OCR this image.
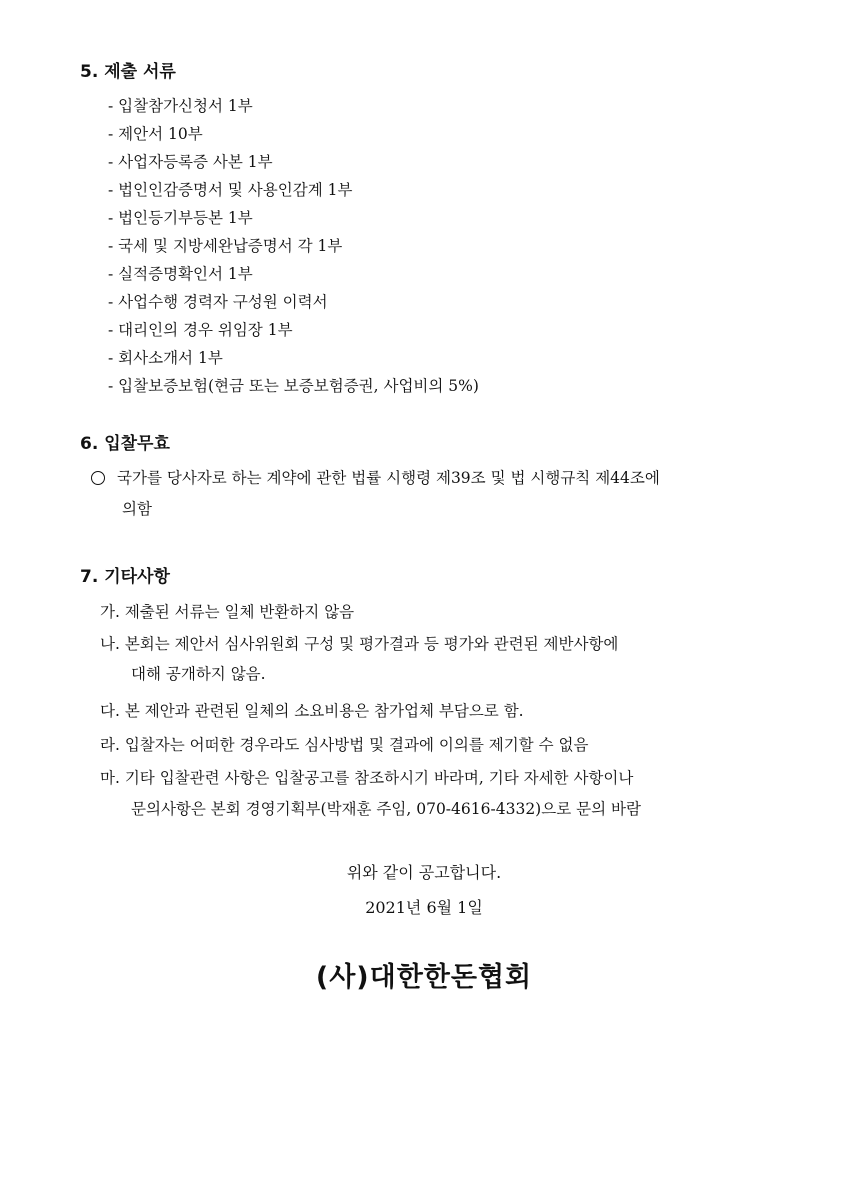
5. 제출 서류
- 입찰참가신청서 1부
- 제안서 10부
- 사업자등록증 사본 1부
- 법인인감증명서 및 사용인감계 1부
- 법인등기부등본 1부
- 국세 및 지방세완납증명서 각 1부
- 실적증명확인서 1부
- 사업수행 경력자 구성원 이력서
- 대리인의 경우 위임장 1부
- 회사소개서 1부
- 입찰보증보험(현금 또는 보증보험증권, 사업비의 5%)
6. 입찰무효
국가를 당사자로 하는 계약에 관한 법률 시행령 제39조 및 법 시행규칙 제44조에
의함
7. 기타사항
가. 제출된 서류는 일체 반환하지 않음
나. 본회는 제안서 심사위원회 구성 및 평가결과 등 평가와 관련된 제반사항에
대해 공개하지 않음.
다. 본 제안과 관련된 일체의 소요비용은 참가업체 부담으로 함.
라. 입찰자는 어떠한 경우라도 심사방법 및 결과에 이의를 제기할 수 없음
마. 기타 입찰관련 사항은 입찰공고를 참조하시기 바라며, 기타 자세한 사항이나
문의사항은 본회 경영기획부(박재훈 주임, 070-4616-4332)으로 문의 바람
위와 같이 공고합니다.
2021년 6월 1일
(사)대한한돈협회
